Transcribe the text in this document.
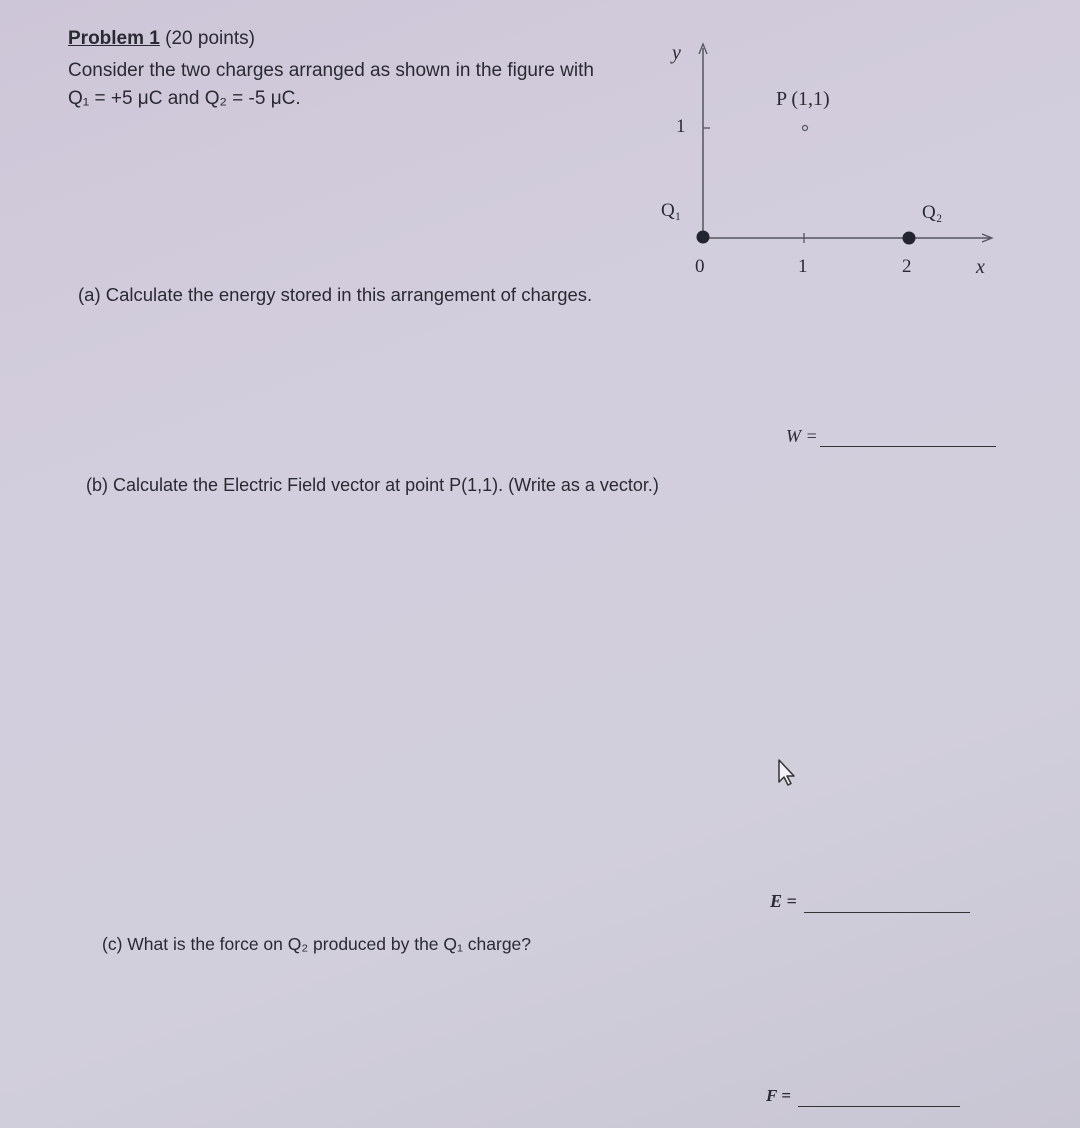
Problem 1 (20 points)
Consider the two charges arranged as shown in the figure with
Q₁ = +5 μC and Q₂ = -5 μC.
y
1
P (1,1)
Q₁	Q₂
0	1	2	x
(a) Calculate the energy stored in this arrangement of charges.
W =
(b) Calculate the Electric Field vector at point P(1,1). (Write as a vector.)
E =
(c) What is the force on Q₂ produced by the Q₁ charge?
F =
